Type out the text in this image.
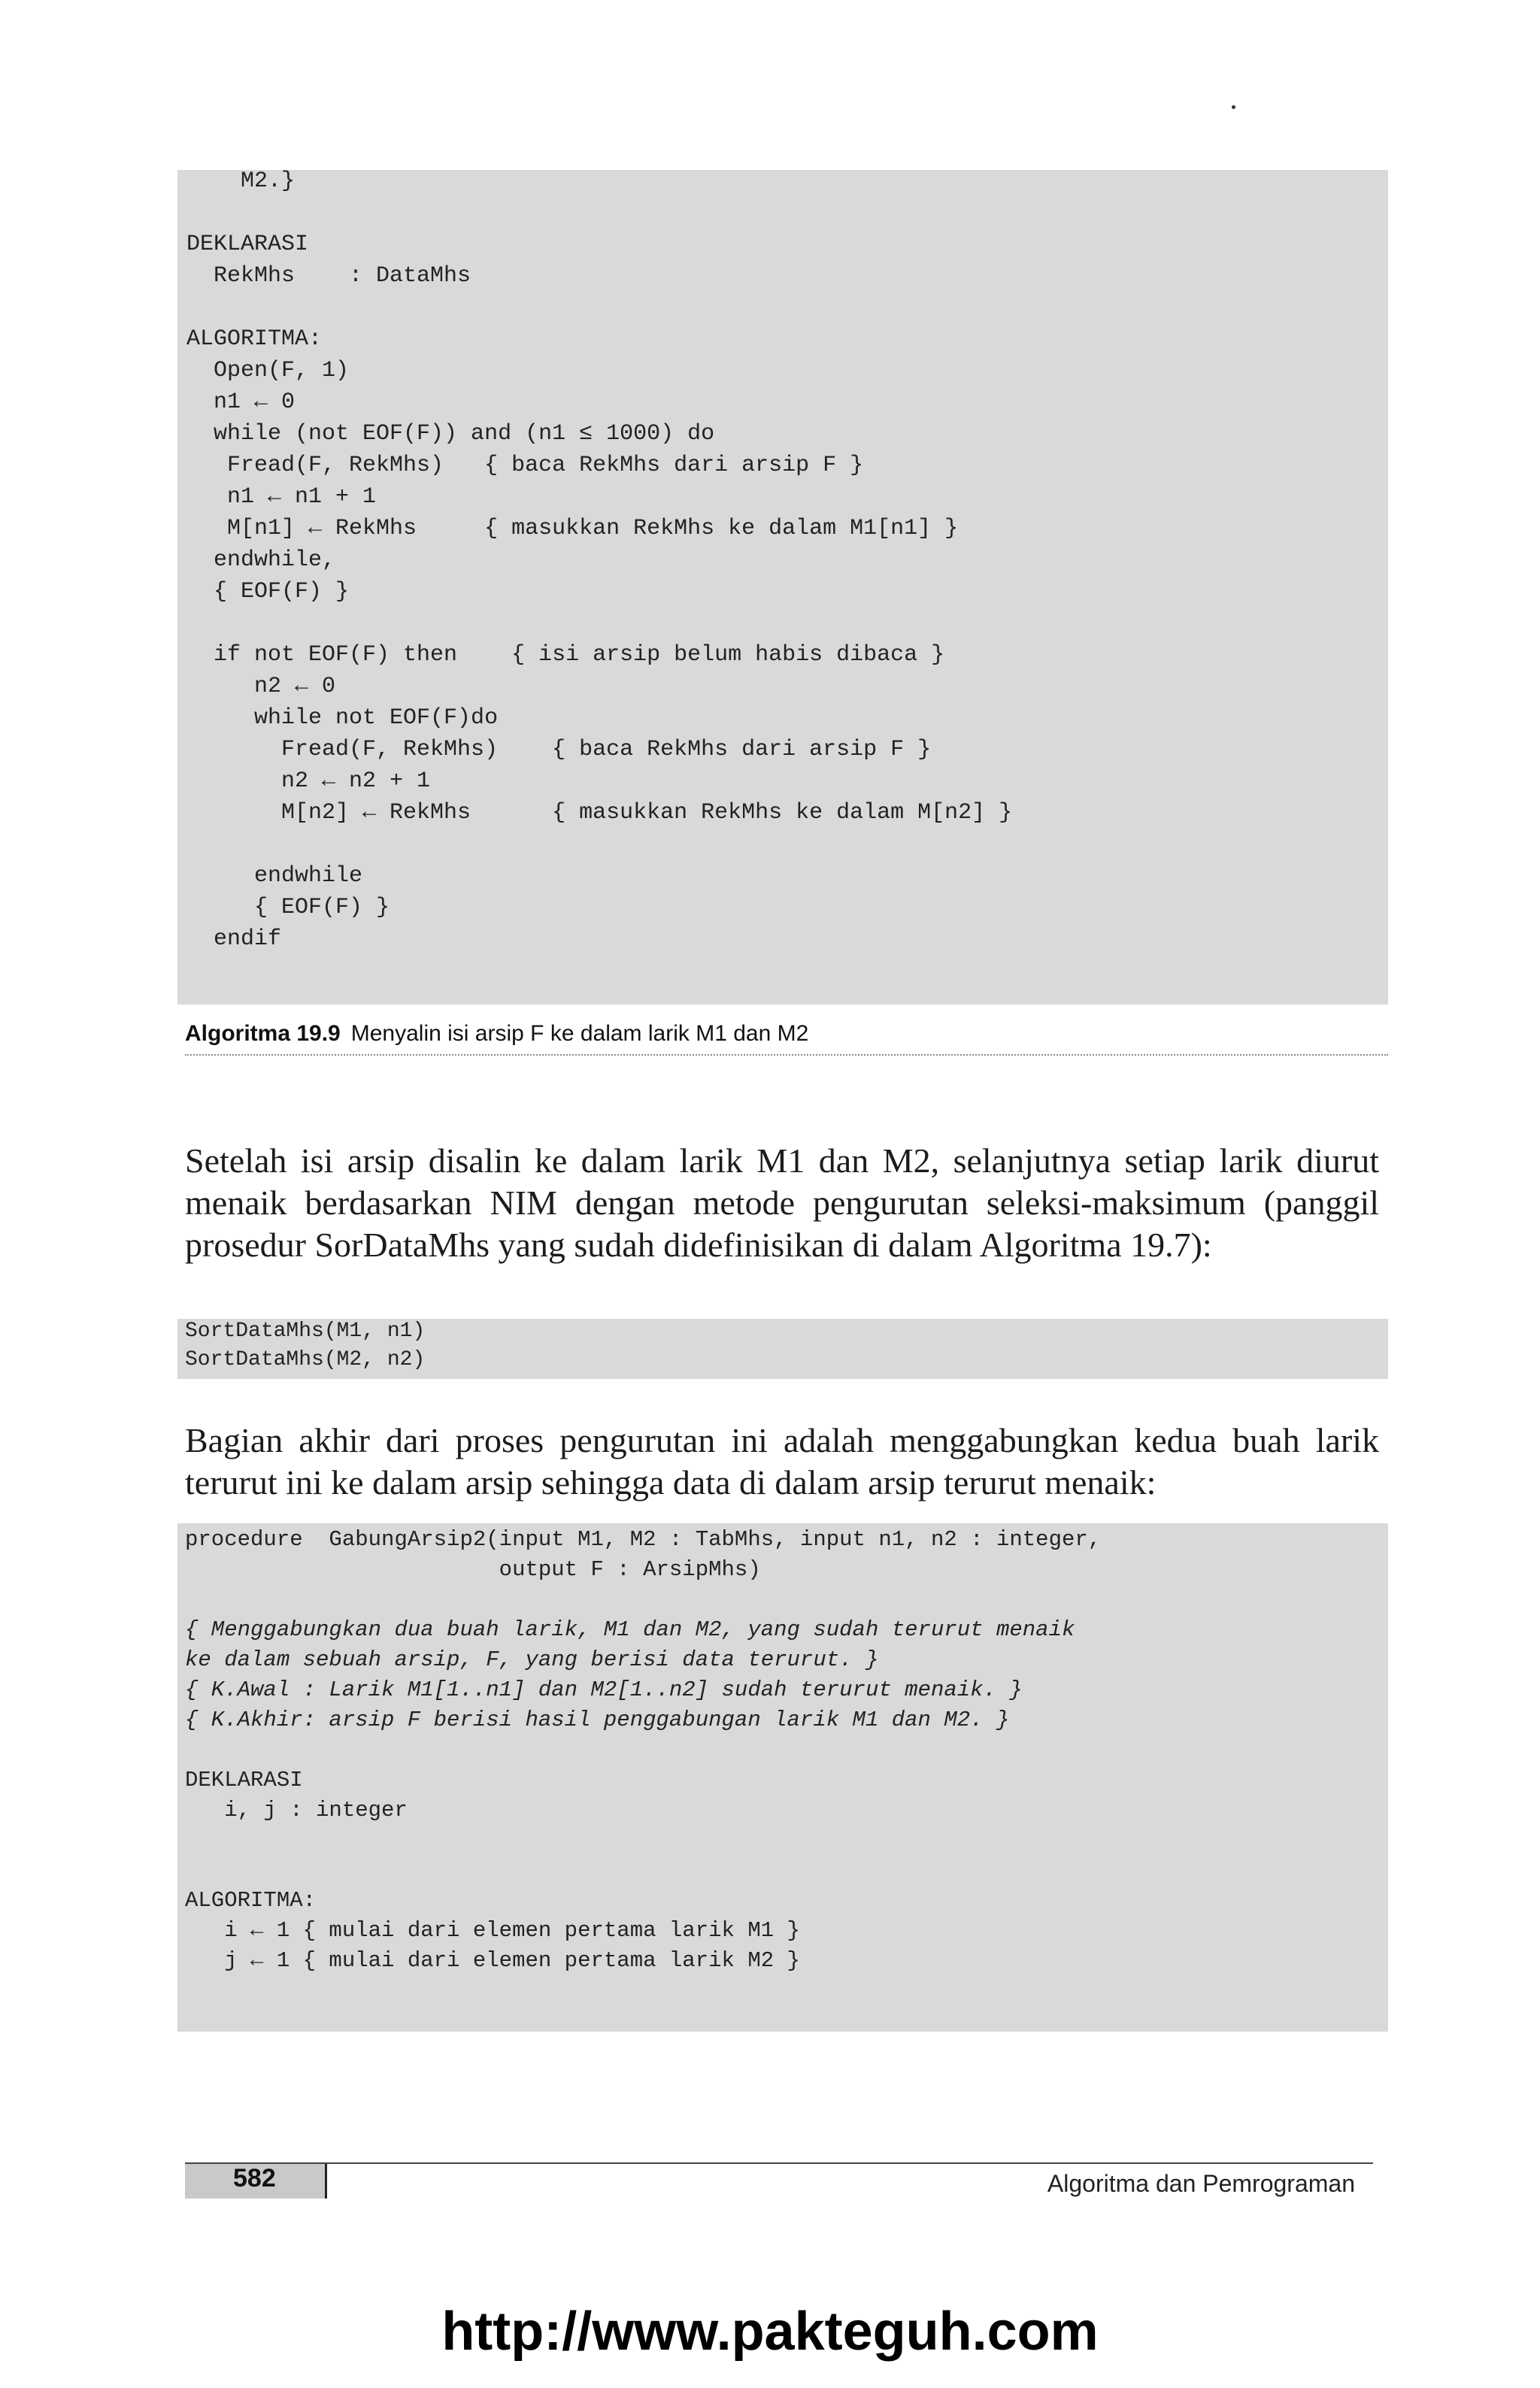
M2.}

DEKLARASI
RekMhs    : DataMhs

ALGORITMA:
Open(F, 1)
n1 ← 0
while (not EOF(F)) and (n1 ≤ 1000) do
Fread(F, RekMhs)   { baca RekMhs dari arsip F }
n1 ← n1 + 1
M[n1] ← RekMhs     { masukkan RekMhs ke dalam M1[n1] }
endwhile,
{ EOF(F) }

if not EOF(F) then    { isi arsip belum habis dibaca }
n2 ← 0
while not EOF(F)do
Fread(F, RekMhs)    { baca RekMhs dari arsip F }
n2 ← n2 + 1
M[n2] ← RekMhs      { masukkan RekMhs ke dalam M[n2] }

endwhile
{ EOF(F) }
endif
Algoritma 19.9 Menyalin isi arsip F ke dalam larik M1 dan M2

Setelah isi arsip disalin ke dalam larik M1 dan M2, selanjutnya setiap larik diurut menaik berdasarkan NIM dengan metode pengurutan seleksi-maksimum (panggil prosedur SorDataMhs yang sudah didefinisikan di dalam Algoritma 19.7):

SortDataMhs(M1, n1)
SortDataMhs(M2, n2)

Bagian akhir dari proses pengurutan ini adalah menggabungkan kedua buah larik terurut ini ke dalam arsip sehingga data di dalam arsip terurut menaik:

procedure  GabungArsip2(input M1, M2 : TabMhs, input n1, n2 : integer,
output F : ArsipMhs)

{ Menggabungkan dua buah larik, M1 dan M2, yang sudah terurut menaik
ke dalam sebuah arsip, F, yang berisi data terurut. }
{ K.Awal : Larik M1[1..n1] dan M2[1..n2] sudah terurut menaik. }
{ K.Akhir: arsip F berisi hasil penggabungan larik M1 dan M2. }

DEKLARASI
i, j : integer

ALGORITMA:
i ← 1 { mulai dari elemen pertama larik M1 }
j ← 1 { mulai dari elemen pertama larik M2 }
582	Algoritma dan Pemrograman
http://www.pakteguh.com
